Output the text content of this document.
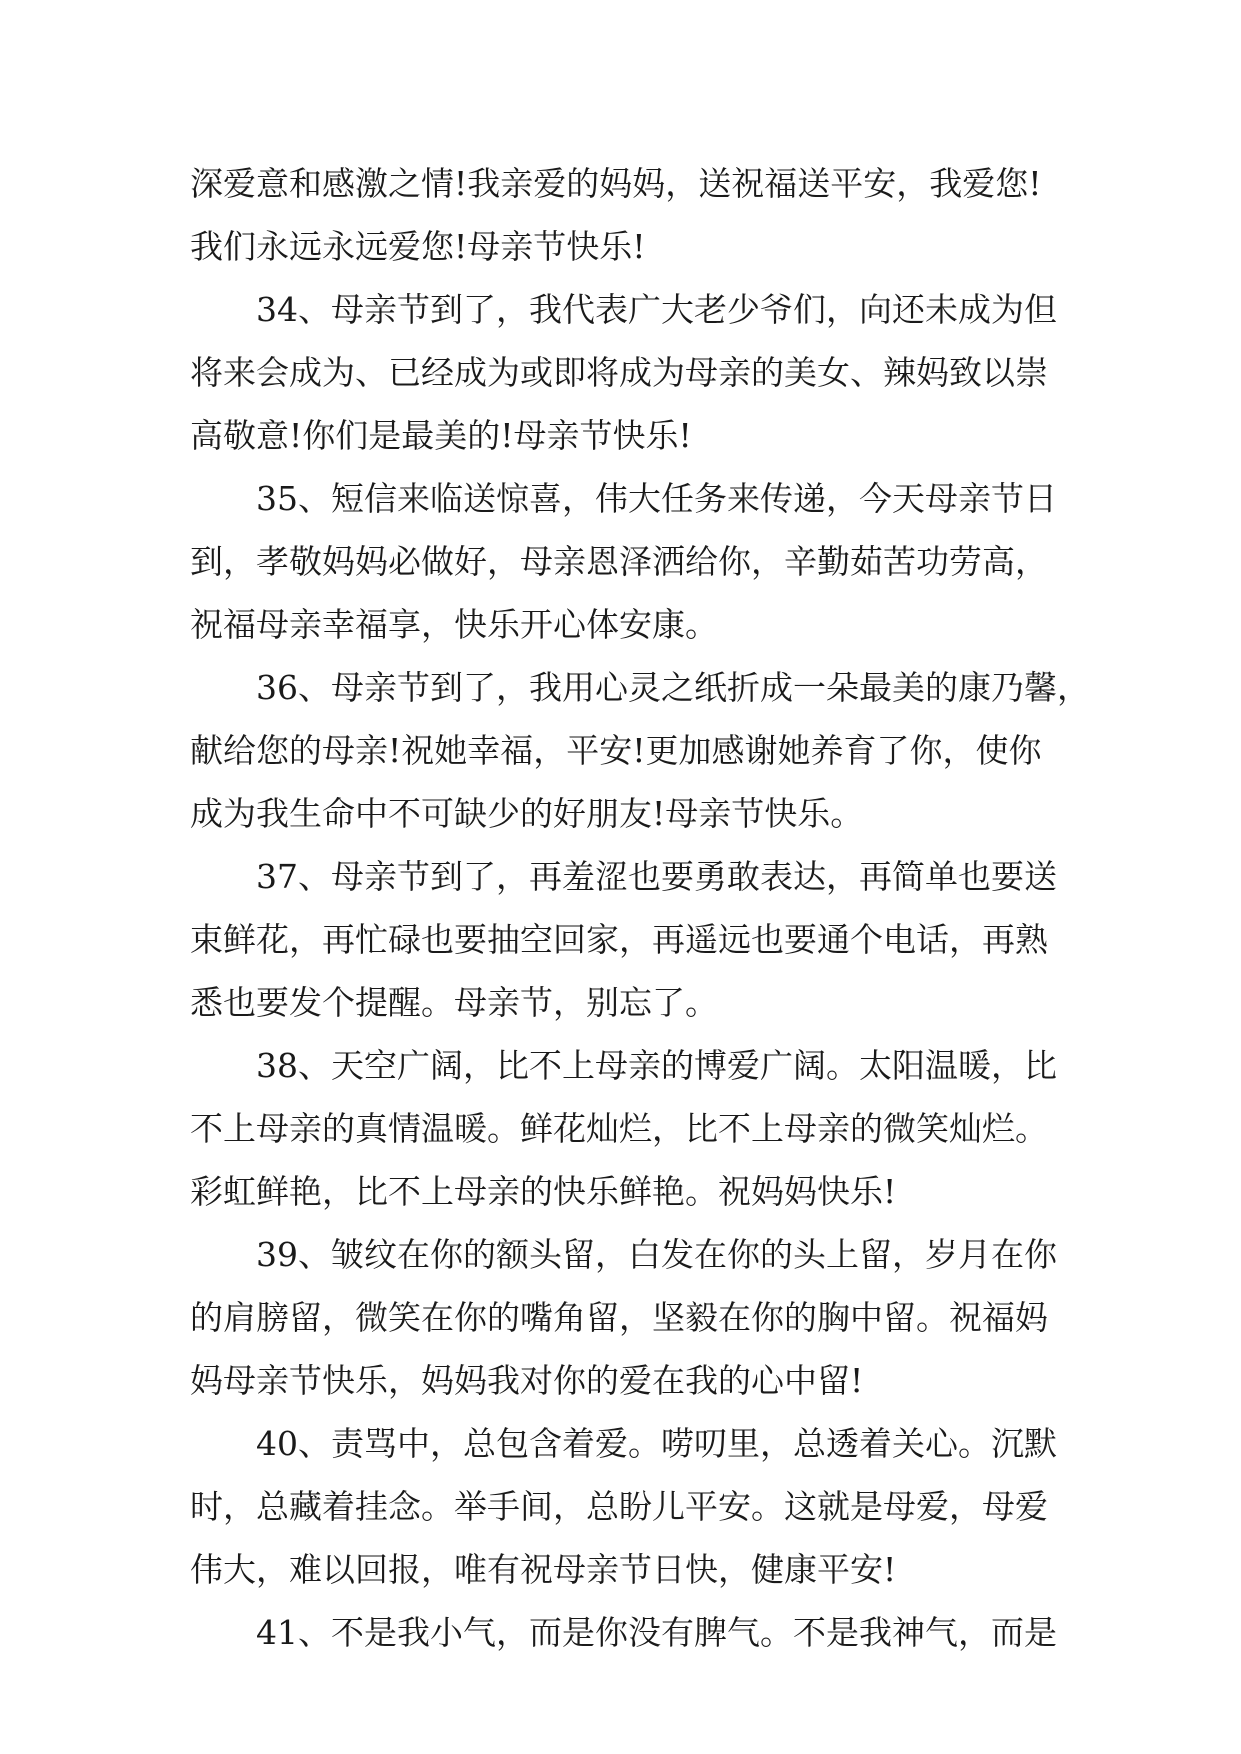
深爱意和感激之情!我亲爱的妈妈，送祝福送平安，我爱您!
我们永远永远爱您!母亲节快乐!
34、母亲节到了，我代表广大老少爷们，向还未成为但
将来会成为、已经成为或即将成为母亲的美女、辣妈致以崇
高敬意!你们是最美的!母亲节快乐!
35、短信来临送惊喜，伟大任务来传递，今天母亲节日
到，孝敬妈妈必做好，母亲恩泽洒给你，辛勤茹苦功劳高，
祝福母亲幸福享，快乐开心体安康。
36、母亲节到了，我用心灵之纸折成一朵最美的康乃馨，
献给您的母亲!祝她幸福，平安!更加感谢她养育了你，使你
成为我生命中不可缺少的好朋友!母亲节快乐。
37、母亲节到了，再羞涩也要勇敢表达，再简单也要送
束鲜花，再忙碌也要抽空回家，再遥远也要通个电话，再熟
悉也要发个提醒。母亲节，别忘了。
38、天空广阔，比不上母亲的博爱广阔。太阳温暖，比
不上母亲的真情温暖。鲜花灿烂，比不上母亲的微笑灿烂。
彩虹鲜艳，比不上母亲的快乐鲜艳。祝妈妈快乐!
39、皱纹在你的额头留，白发在你的头上留，岁月在你
的肩膀留，微笑在你的嘴角留，坚毅在你的胸中留。祝福妈
妈母亲节快乐，妈妈我对你的爱在我的心中留!
40、责骂中，总包含着爱。唠叨里，总透着关心。沉默
时，总藏着挂念。举手间，总盼儿平安。这就是母爱，母爱
伟大，难以回报，唯有祝母亲节日快，健康平安!
41、不是我小气，而是你没有脾气。不是我神气，而是
